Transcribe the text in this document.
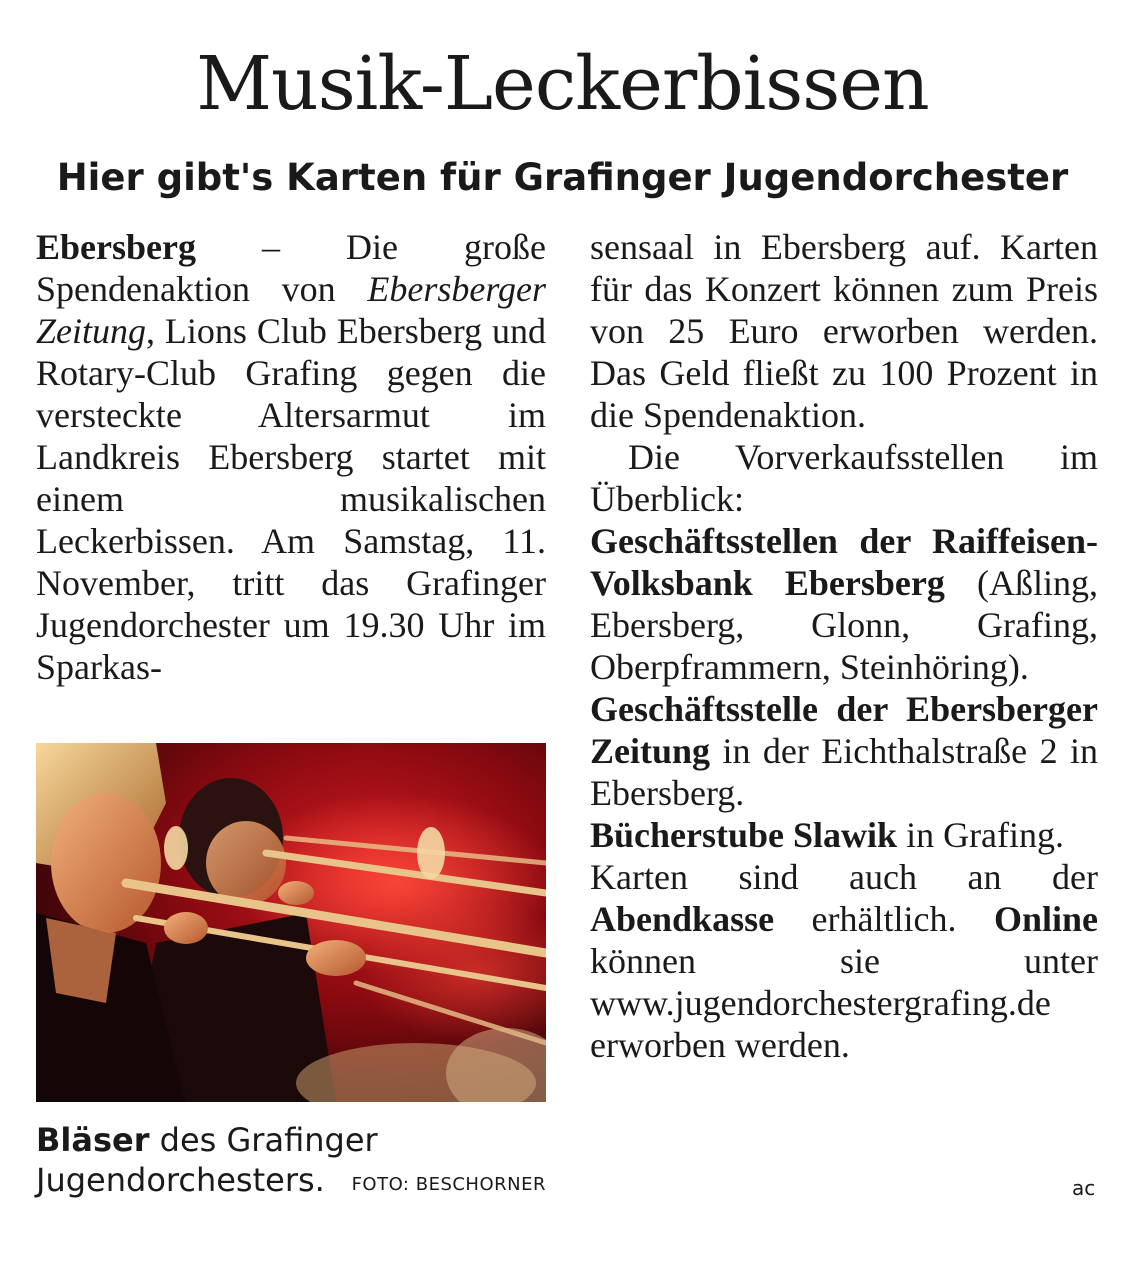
Musik-Leckerbissen
Hier gibt's Karten für Grafinger Jugendorchester

Ebersberg – Die große Spendenaktion von Ebersberger Zeitung, Lions Club Ebersberg und Rotary-Club Grafing gegen die versteckte Altersarmut im Landkreis Ebersberg startet mit einem musikalischen Leckerbissen. Am Samstag, 11. November, tritt das Grafinger Jugendorchester um 19.30 Uhr im Sparkas-

Bläser des Grafinger Jugendorchesters. FOTO: BESCHORNER

sensaal in Ebersberg auf. Karten für das Konzert können zum Preis von 25 Euro erworben werden. Das Geld fließt zu 100 Prozent in die Spendenaktion.

Die Vorverkaufsstellen im Überblick:

Geschäftsstellen der Raiffeisen-Volksbank Ebersberg (Aßling, Ebersberg, Glonn, Grafing, Oberpframmern, Steinhöring).

Geschäftsstelle der Ebersberger Zeitung in der Eichthalstraße 2 in Ebersberg.

Bücherstube Slawik in Grafing.

Karten sind auch an der Abendkasse erhältlich. Online können sie unter www.jugendorchestergrafing.de erworben werden.

ac
